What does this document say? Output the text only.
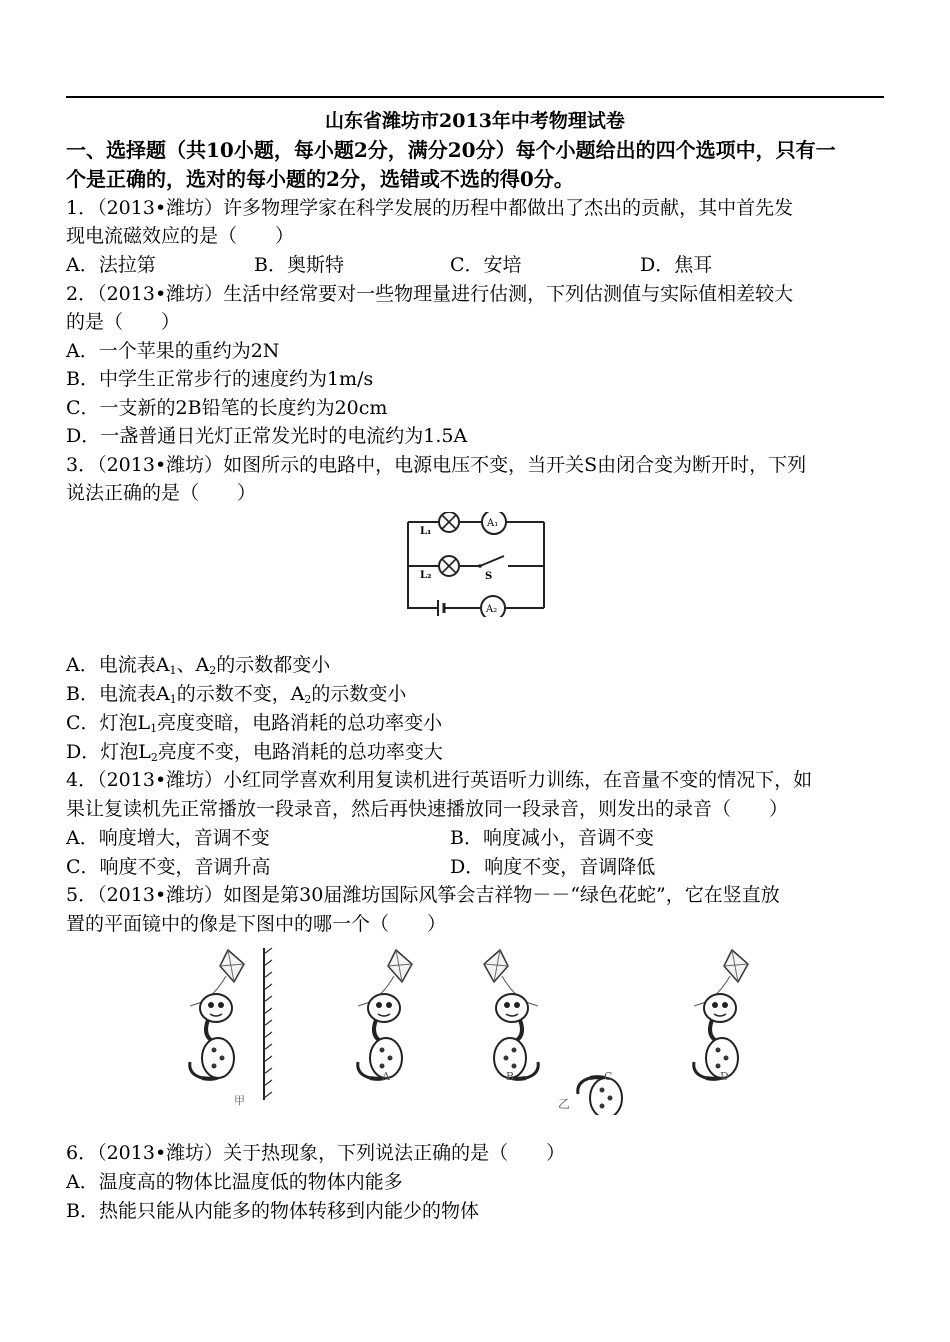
山东省潍坊市2013年中考物理试卷
一、选择题（共10小题，每小题2分，满分20分）每个小题给出的四个选项中，只有一
个是正确的，选对的每小题的2分，选错或不选的得0分。
1．（2013•潍坊）许多物理学家在科学发展的历程中都做出了杰出的贡献，其中首先发
现电流磁效应的是（　　）
A．法拉第	B．奥斯特	C．安培	D．焦耳
2．（2013•潍坊）生活中经常要对一些物理量进行估测，下列估测值与实际值相差较大
的是（　　）
A．一个苹果的重约为2N
B．中学生正常步行的速度约为1m/s
C．一支新的2B铅笔的长度约为20cm
D．一盏普通日光灯正常发光时的电流约为1.5A
3．（2013•潍坊）如图所示的电路中，电源电压不变，当开关S由闭合变为断开时，下列
说法正确的是（　　）
L₁
A₁
L₂	S
A₂
A．电流表$A_1$、$A_2$的示数都变小
B．电流表$A_1$的示数不变，$A_2$的示数变小
C．灯泡$L_1$亮度变暗，电路消耗的总功率变小
D．灯泡$L_2$亮度不变，电路消耗的总功率变大
4．（2013•潍坊）小红同学喜欢利用复读机进行英语听力训练，在音量不变的情况下，如
果让复读机先正常播放一段录音，然后再快速播放同一段录音，则发出的录音（　　）
A．响度增大，音调不变	B．响度减小，音调不变
C．响度不变，音调升高	D．响度不变，音调降低
5．（2013•潍坊）如图是第30届潍坊国际风筝会吉祥物－－“绿色花蛇”，它在竖直放
置的平面镜中的像是下图中的哪一个（　　）
甲
A	B	C	D
乙
6．（2013•潍坊）关于热现象，下列说法正确的是（　　）
A．温度高的物体比温度低的物体内能多
B．热能只能从内能多的物体转移到内能少的物体
